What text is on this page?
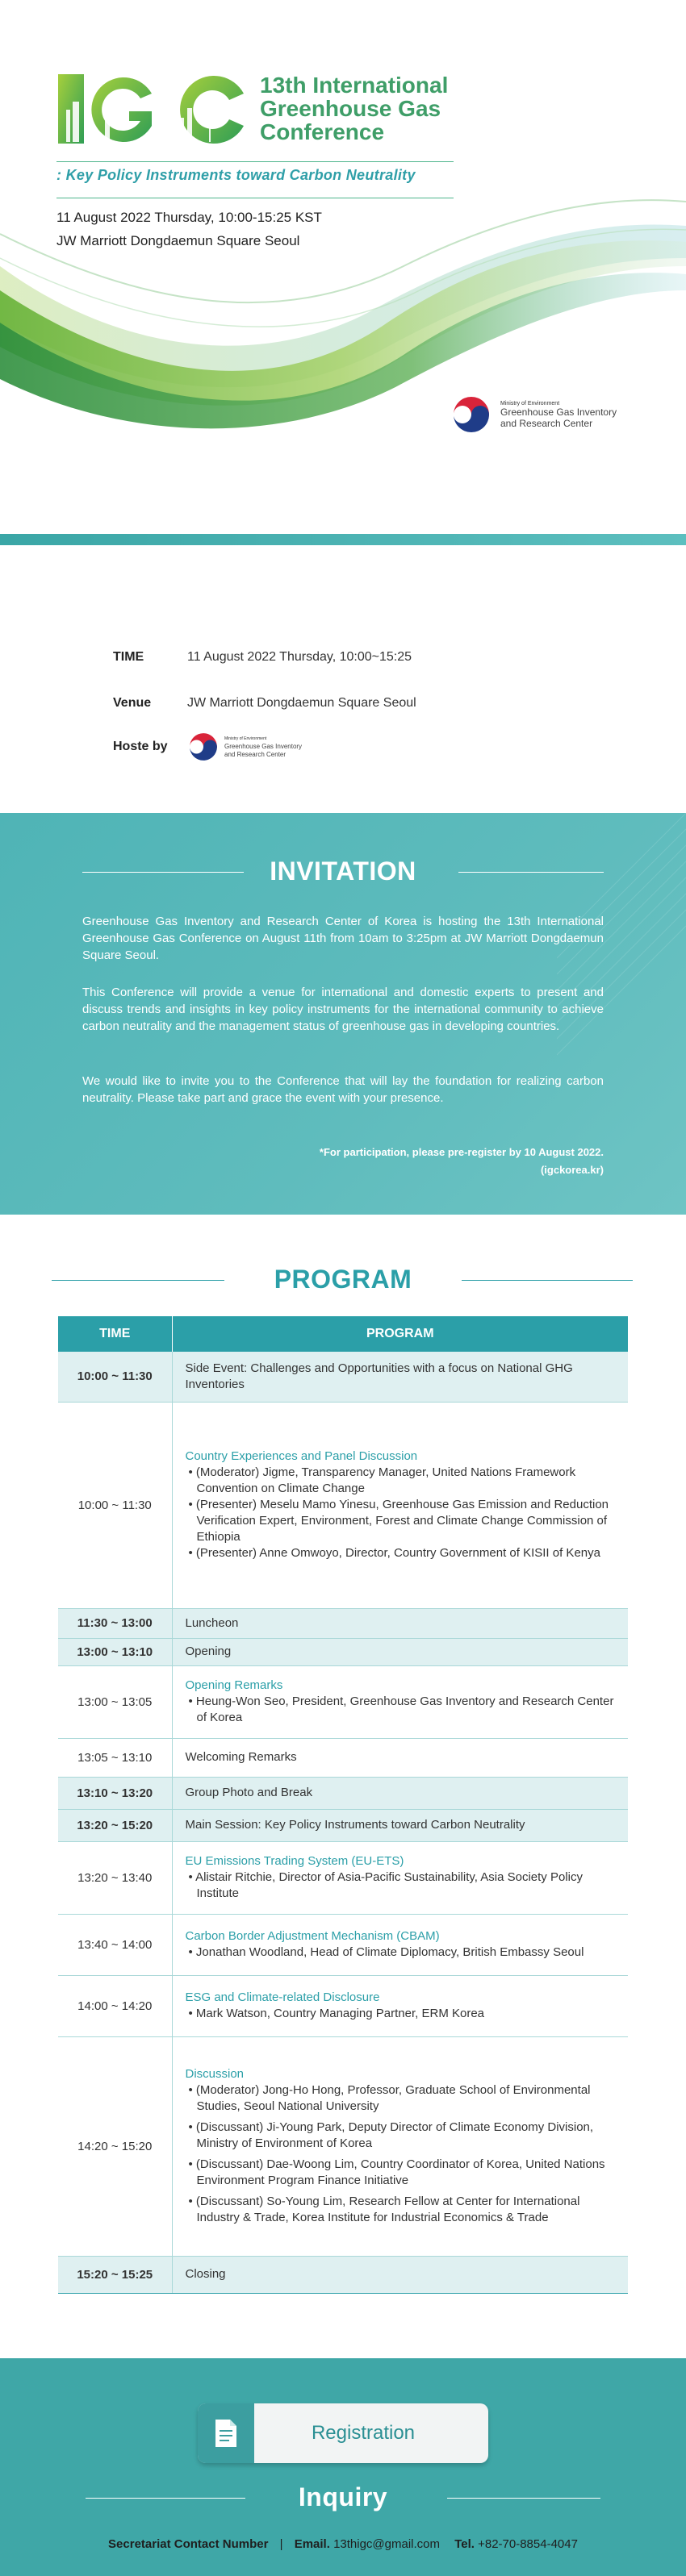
13th International
Greenhouse Gas
Conference
: Key Policy Instruments toward Carbon Neutrality
11 August 2022 Thursday, 10:00-15:25 KST
JW Marriott Dongdaemun Square Seoul
Ministry of Environment
Greenhouse Gas Inventory
and Research Center
TIME	11 August 2022 Thursday, 10:00~15:25
Venue	JW Marriott Dongdaemun Square Seoul
Hoste by
Ministry of Environment
Greenhouse Gas Inventory
and Research Center
INVITATION

Greenhouse Gas Inventory and Research Center of Korea is hosting the 13th International Greenhouse Gas Conference on August 11th from 10am to 3:25pm at JW Marriott Dongdaemun Square Seoul.

This Conference will provide a venue for international and domestic experts to present and discuss trends and insights in key policy instruments for the international community to achieve carbon neutrality and the management status of greenhouse gas in developing countries.

We would like to invite you to the Conference that will lay the foundation for realizing carbon neutrality. Please take part and grace the event with your presence.

*For participation, please pre-register by 10 August 2022.
(igckorea.kr)
PROGRAM
TIME	PROGRAM
10:00 ~ 11:30	Side Event: Challenges and Opportunities with a focus on National GHG Inventories
10:00 ~ 11:30	Country Experiences and Panel Discussion
• (Moderator) Jigme, Transparency Manager, United Nations Framework Convention on Climate Change
• (Presenter) Meselu Mamo Yinesu, Greenhouse Gas Emission and Reduction Verification Expert, Environment, Forest and Climate Change Commission of Ethiopia
• (Presenter) Anne Omwoyo, Director, Country Government of KISII of Kenya

11:30 ~ 13:00	Luncheon
13:00 ~ 13:10	Opening
13:00 ~ 13:05	Opening Remarks
• Heung-Won Seo, President, Greenhouse Gas Inventory and Research Center of Korea

13:05 ~ 13:10	Welcoming Remarks
13:10 ~ 13:20	Group Photo and Break
13:20 ~ 15:20	Main Session: Key Policy Instruments toward Carbon Neutrality
13:20 ~ 13:40	EU Emissions Trading System (EU-ETS)
• Alistair Ritchie, Director of Asia-Pacific Sustainability, Asia Society Policy Institute

13:40 ~ 14:00	Carbon Border Adjustment Mechanism (CBAM)
• Jonathan Woodland, Head of Climate Diplomacy, British Embassy Seoul

14:00 ~ 14:20	ESG and Climate-related Disclosure
• Mark Watson, Country Managing Partner, ERM Korea

14:20 ~ 15:20	Discussion
• (Moderator) Jong-Ho Hong, Professor, Graduate School of Environmental Studies, Seoul National University
• (Discussant) Ji-Young Park, Deputy Director of Climate Economy Division, Ministry of Environment of Korea
• (Discussant) Dae-Woong Lim, Country Coordinator of Korea, United Nations Environment Program Finance Initiative
• (Discussant) So-Young Lim, Research Fellow at Center for International Industry & Trade, Korea Institute for Industrial Economics & Trade

15:20 ~ 15:25	Closing
Registration
Inquiry
Secretariat Contact Number | Email. 13thigc@gmail.com Tel. +82-70-8854-4047
